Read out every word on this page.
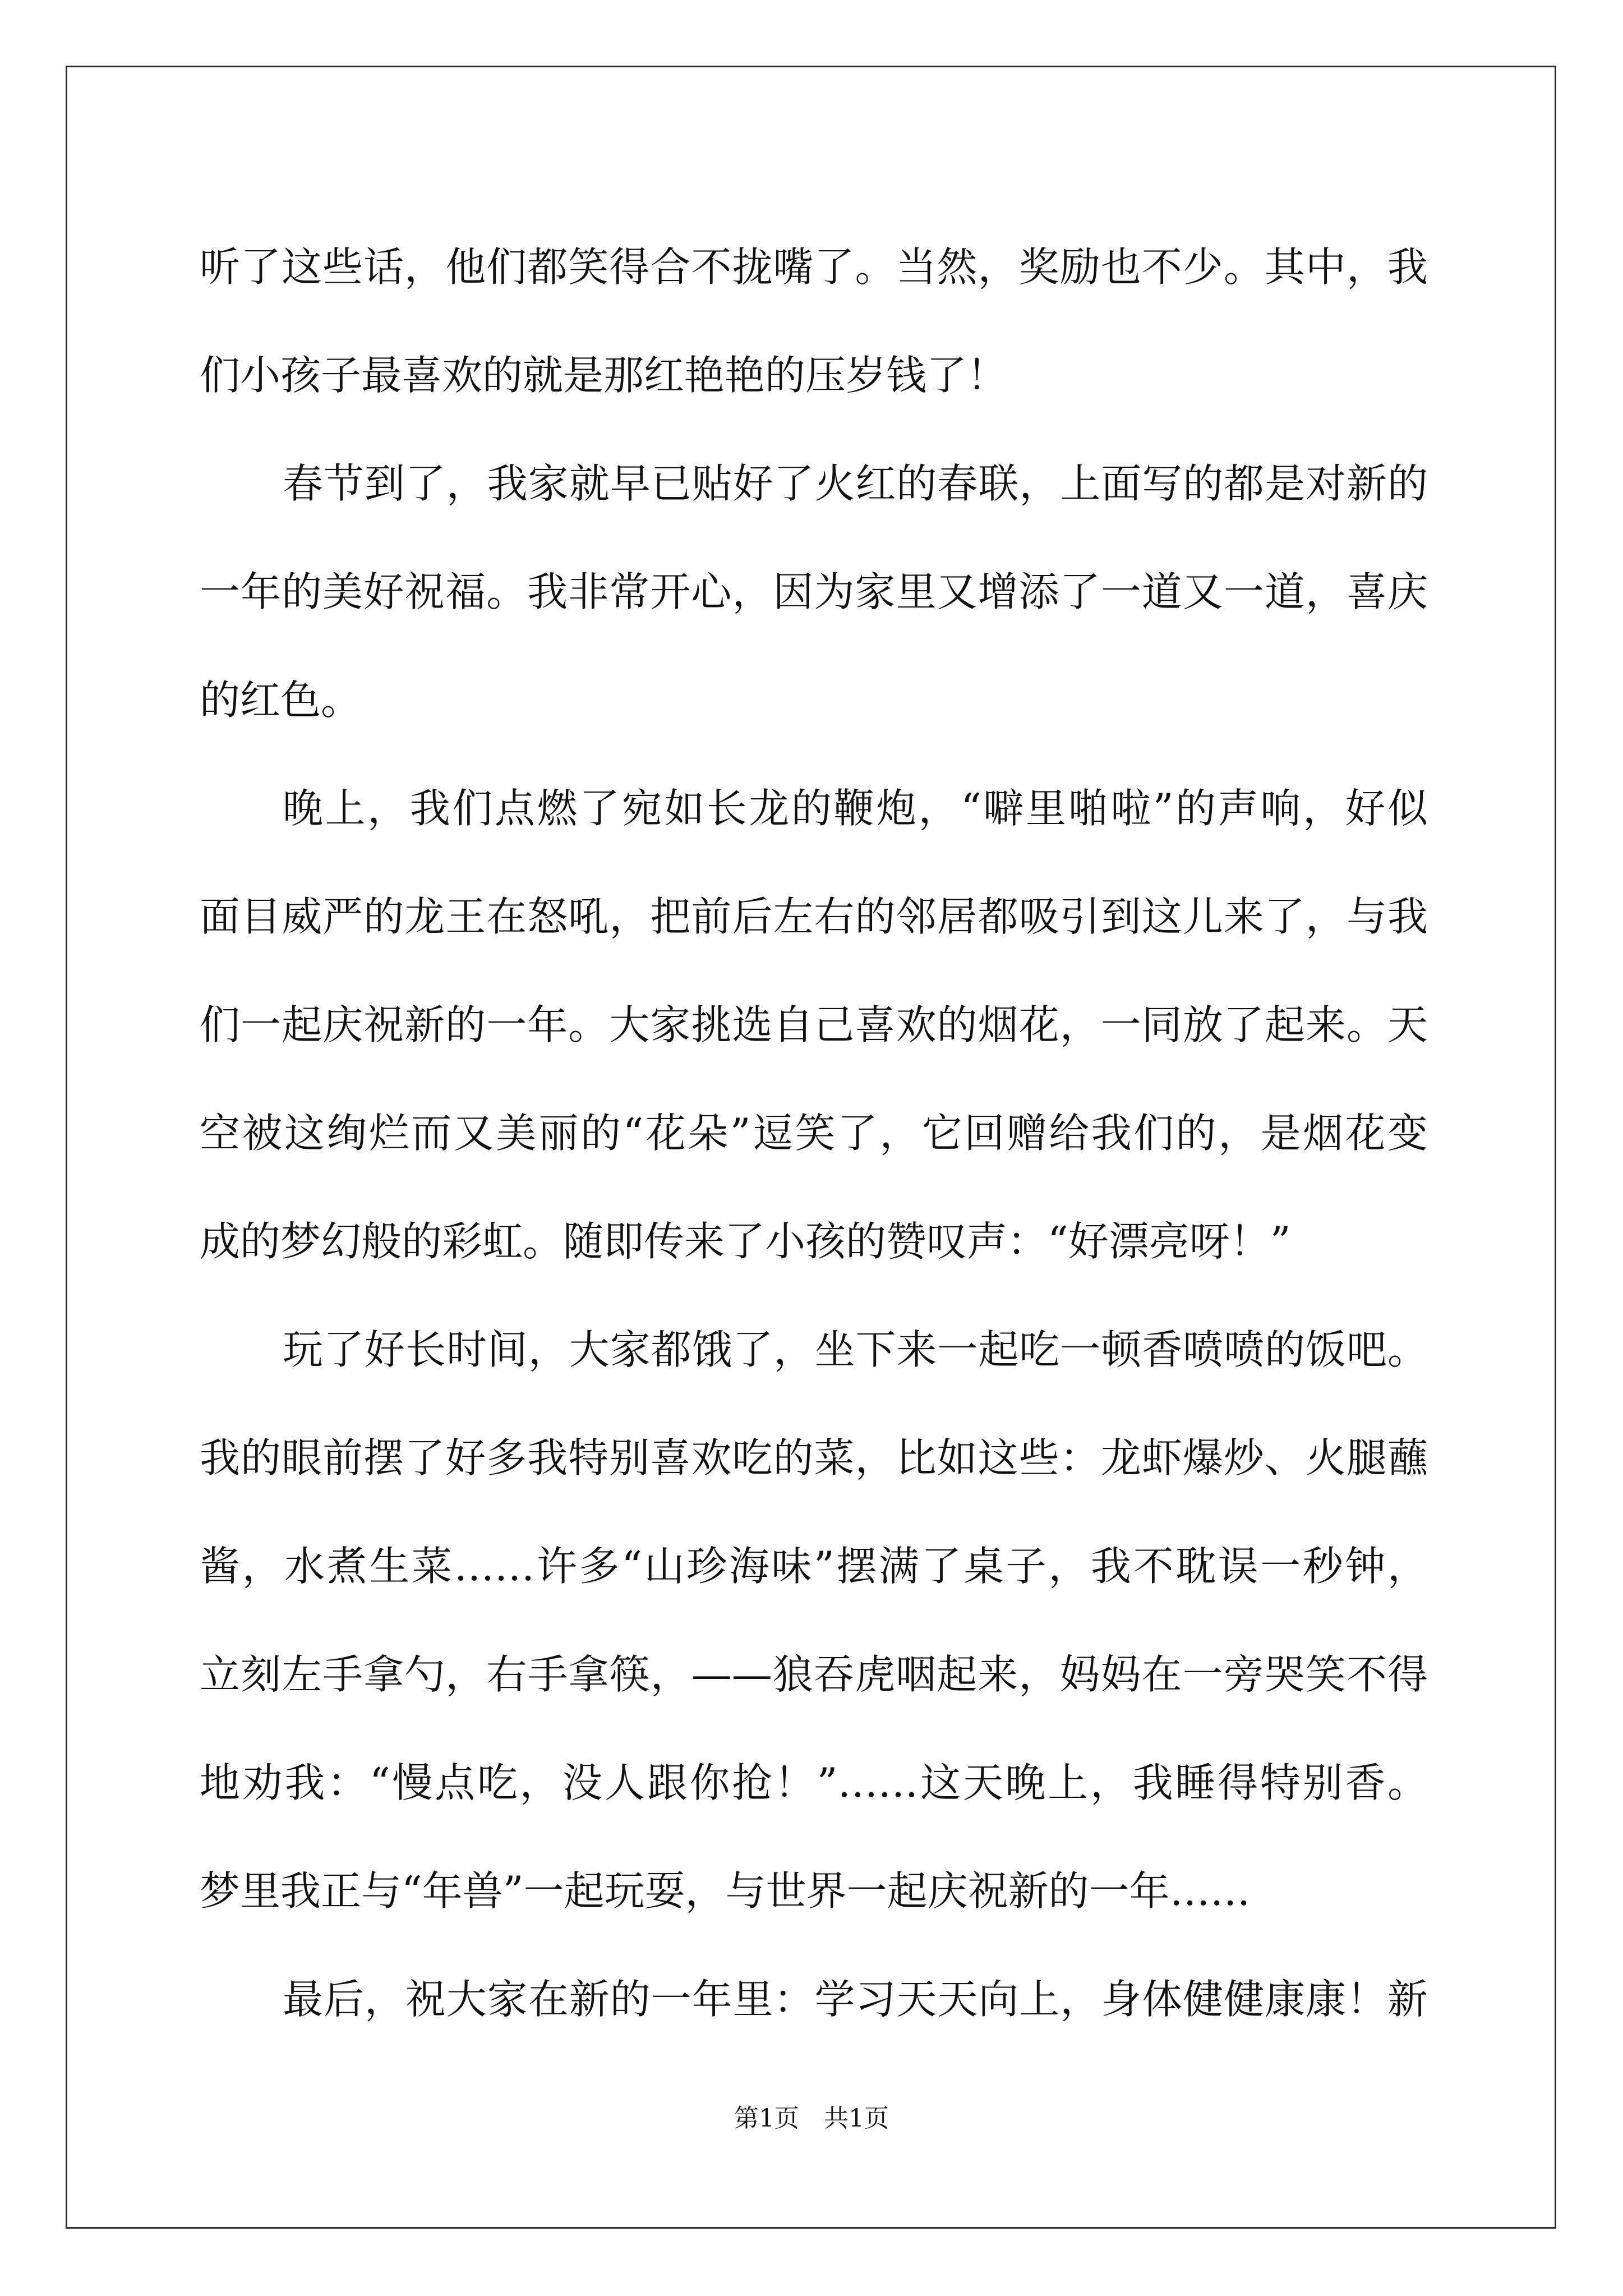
听了这些话，他们都笑得合不拢嘴了。当然，奖励也不少。其中，我
们小孩子最喜欢的就是那红艳艳的压岁钱了！
春节到了，我家就早已贴好了火红的春联，上面写的都是对新的
一年的美好祝福。我非常开心，因为家里又增添了一道又一道，喜庆
的红色。
晚上，我们点燃了宛如长龙的鞭炮，“噼里啪啦”的声响，好似
面目威严的龙王在怒吼，把前后左右的邻居都吸引到这儿来了，与我
们一起庆祝新的一年。大家挑选自己喜欢的烟花，一同放了起来。天
空被这绚烂而又美丽的“花朵”逗笑了，它回赠给我们的，是烟花变
成的梦幻般的彩虹。随即传来了小孩的赞叹声：“好漂亮呀！”
玩了好长时间，大家都饿了，坐下来一起吃一顿香喷喷的饭吧。
我的眼前摆了好多我特别喜欢吃的菜，比如这些：龙虾爆炒、火腿蘸
酱，水煮生菜……许多“山珍海味”摆满了桌子，我不耽误一秒钟，
立刻左手拿勺，右手拿筷，——狼吞虎咽起来，妈妈在一旁哭笑不得
地劝我：“慢点吃，没人跟你抢！”……这天晚上，我睡得特别香。
梦里我正与“年兽”一起玩耍，与世界一起庆祝新的一年……
最后，祝大家在新的一年里：学习天天向上，身体健健康康！新
第1页　共1页
